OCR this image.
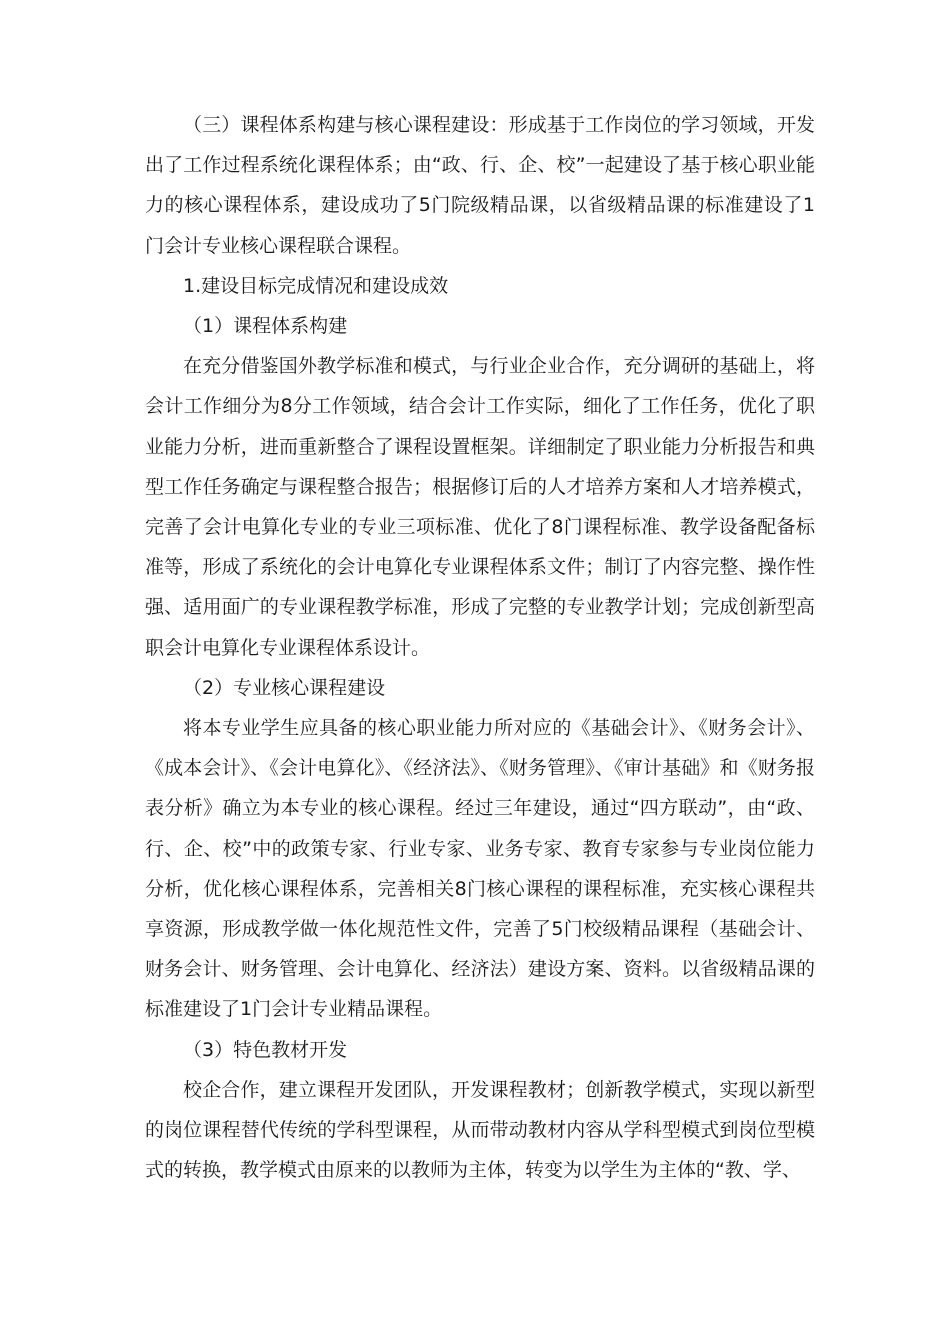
（三）课程体系构建与核心课程建设：形成基于工作岗位的学习领域，开发出了工作过程系统化课程体系；由“政、行、企、校”一起建设了基于核心职业能力的核心课程体系，建设成功了5门院级精品课，以省级精品课的标准建设了1门会计专业核心课程联合课程。

1.建设目标完成情况和建设成效

（1）课程体系构建

在充分借鉴国外教学标准和模式，与行业企业合作，充分调研的基础上，将会计工作细分为8分工作领域，结合会计工作实际，细化了工作任务，优化了职业能力分析，进而重新整合了课程设置框架。详细制定了职业能力分析报告和典型工作任务确定与课程整合报告；根据修订后的人才培养方案和人才培养模式，完善了会计电算化专业的专业三项标准、优化了8门课程标准、教学设备配备标准等，形成了系统化的会计电算化专业课程体系文件；制订了内容完整、操作性强、适用面广的专业课程教学标准，形成了完整的专业教学计划；完成创新型高职会计电算化专业课程体系设计。

（2）专业核心课程建设

将本专业学生应具备的核心职业能力所对应的《基础会计》、《财务会计》、《成本会计》、《会计电算化》、《经济法》、《财务管理》、《审计基础》和《财务报表分析》确立为本专业的核心课程。经过三年建设，通过“四方联动”，由“政、行、企、校”中的政策专家、行业专家、业务专家、教育专家参与专业岗位能力分析，优化核心课程体系，完善相关8门核心课程的课程标准，充实核心课程共享资源，形成教学做一体化规范性文件，完善了5门校级精品课程（基础会计、财务会计、财务管理、会计电算化、经济法）建设方案、资料。以省级精品课的标准建设了1门会计专业精品课程。

（3）特色教材开发

校企合作，建立课程开发团队，开发课程教材；创新教学模式，实现以新型的岗位课程替代传统的学科型课程，从而带动教材内容从学科型模式到岗位型模式的转换，教学模式由原来的以教师为主体，转变为以学生为主体的“教、学、
